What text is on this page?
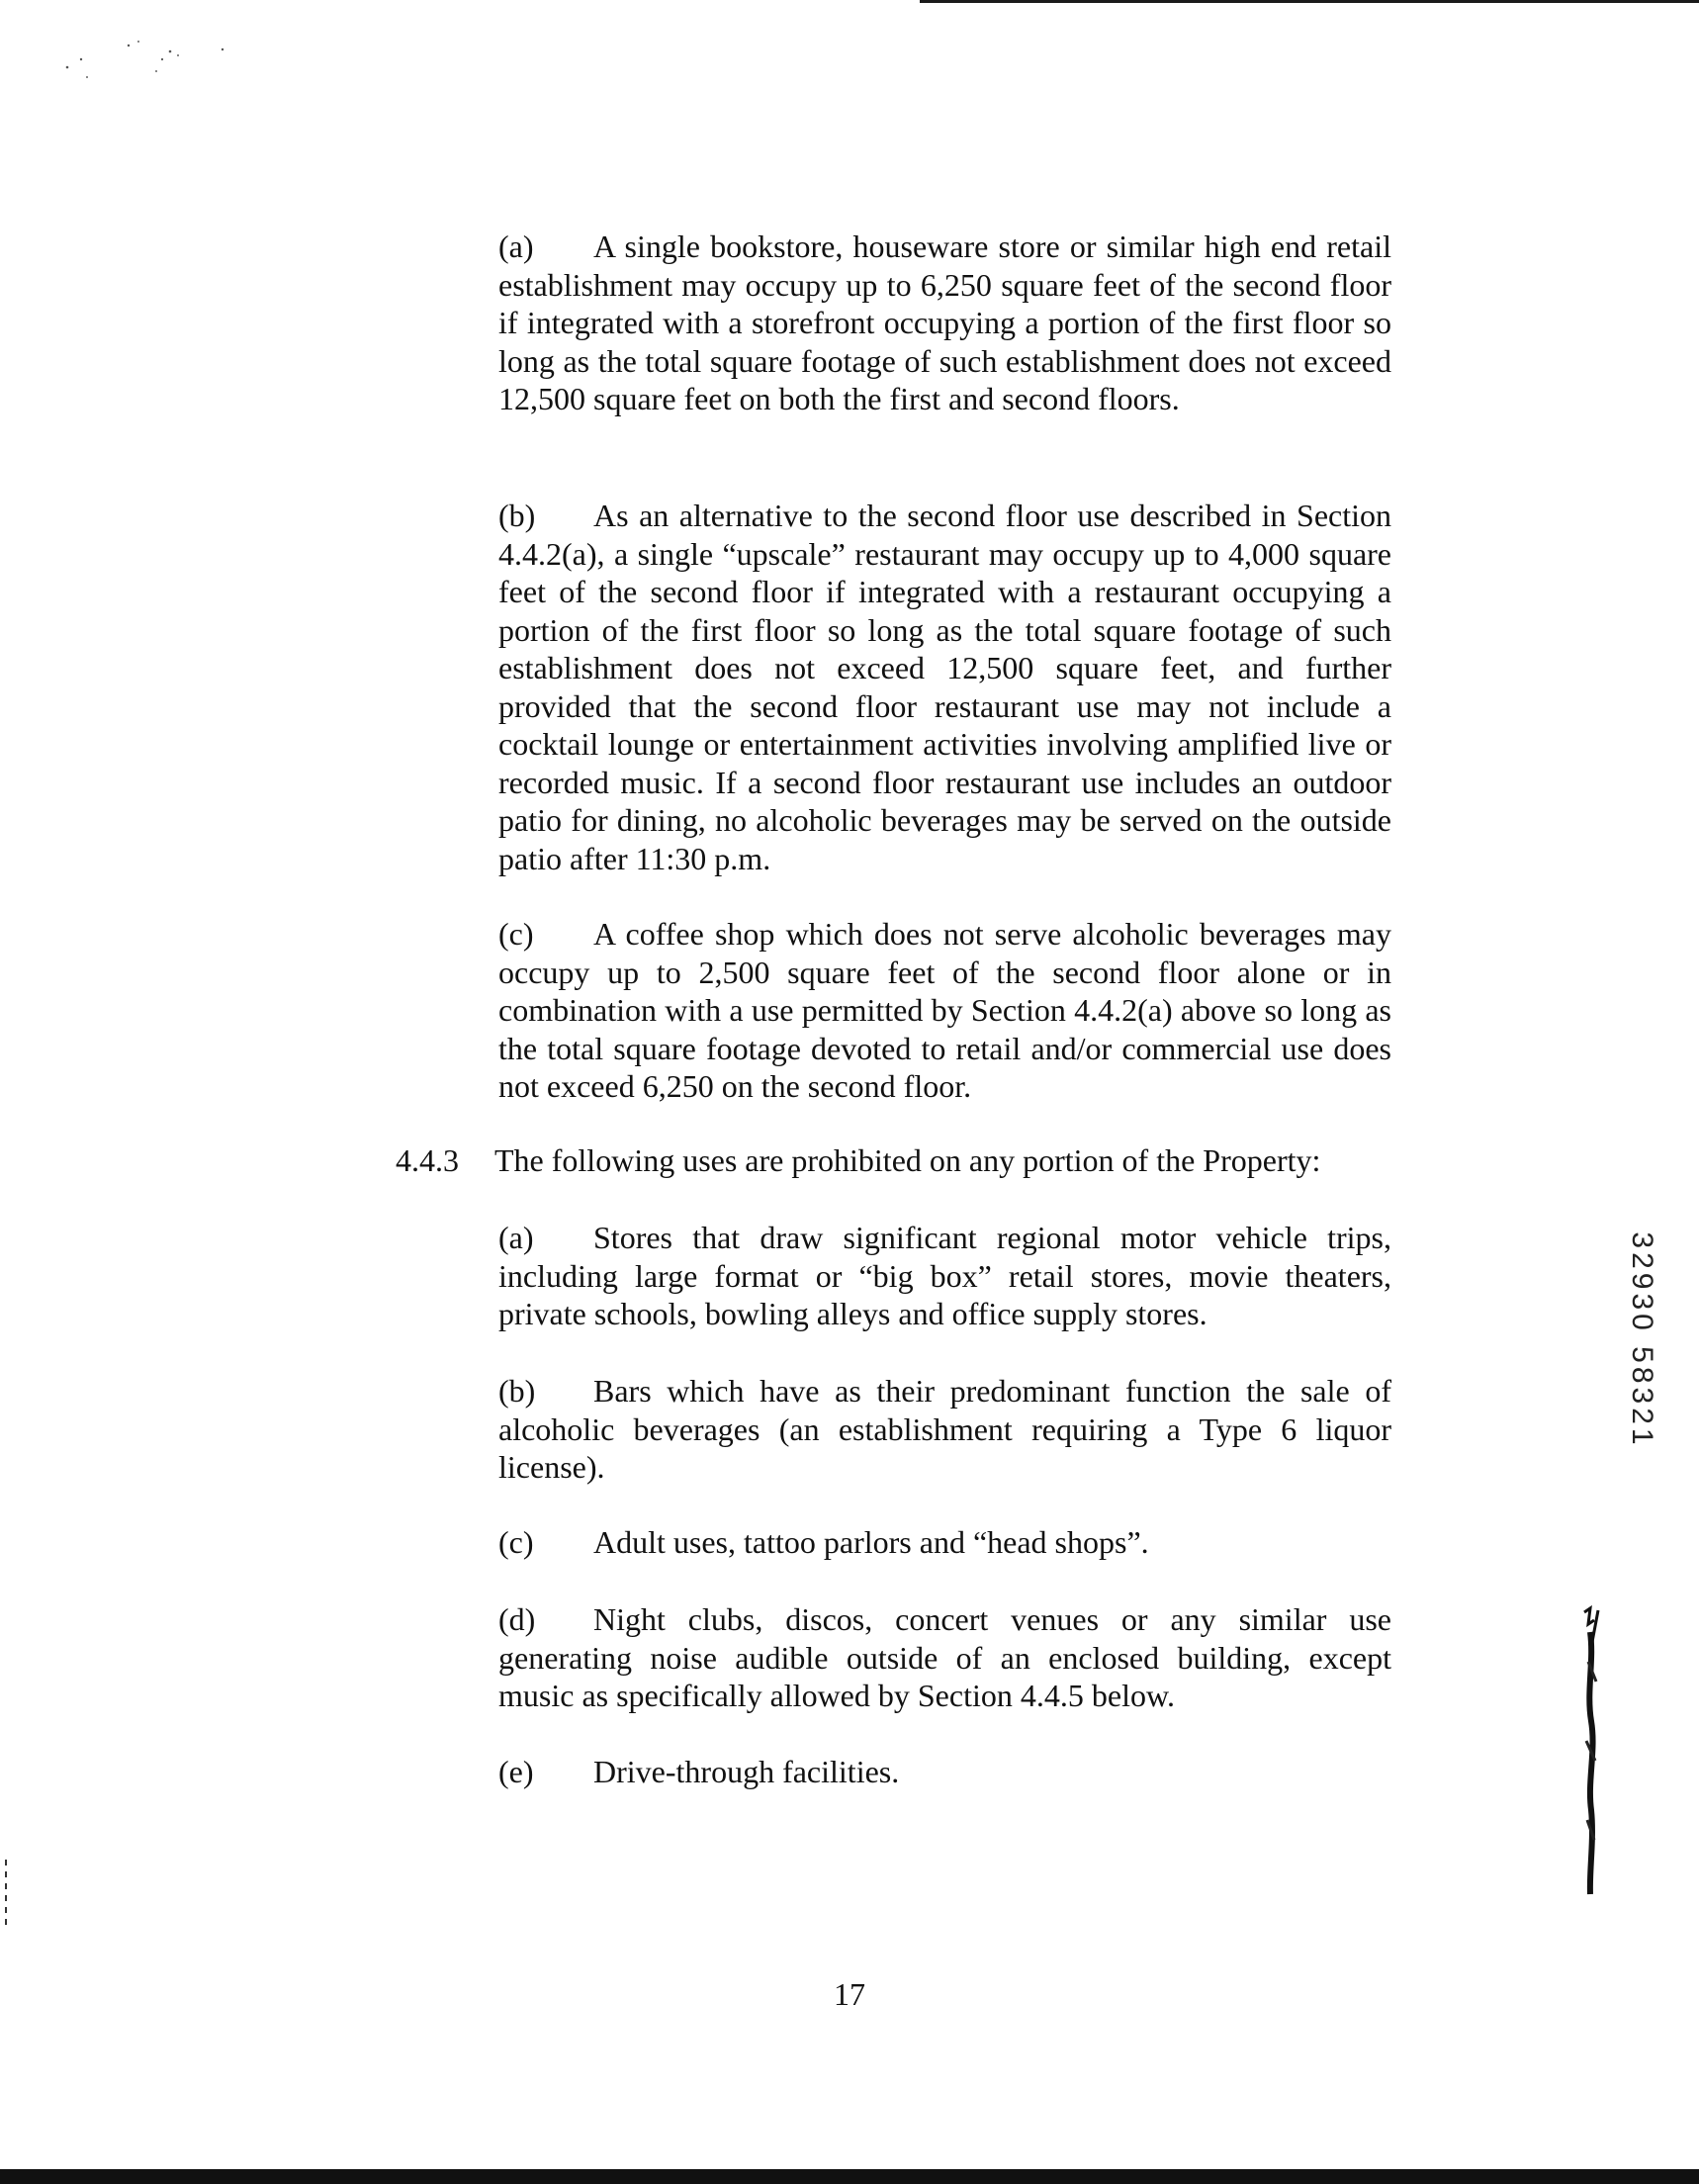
(a) A single bookstore, houseware store or similar high end retail establishment may occupy up to 6,250 square feet of the second floor if integrated with a storefront occupying a portion of the first floor so long as the total square footage of such establishment does not exceed 12,500 square feet on both the first and second floors.

(b) As an alternative to the second floor use described in Section 4.4.2(a), a single “upscale” restaurant may occupy up to 4,000 square feet of the second floor if integrated with a restaurant occupying a portion of the first floor so long as the total square footage of such establishment does not exceed 12,500 square feet, and further provided that the second floor restaurant use may not include a cocktail lounge or entertainment activities involving amplified live or recorded music. If a second floor restaurant use includes an outdoor patio for dining, no alcoholic beverages may be served on the outside patio after 11:30 p.m.

(c) A coffee shop which does not serve alcoholic beverages may occupy up to 2,500 square feet of the second floor alone or in combination with a use permitted by Section 4.4.2(a) above so long as the total square footage devoted to retail and/or commercial use does not exceed 6,250 on the second floor.

4.4.3 The following uses are prohibited on any portion of the Property:

(a) Stores that draw significant regional motor vehicle trips, including large format or “big box” retail stores, movie theaters, private schools, bowling alleys and office supply stores.

(b) Bars which have as their predominant function the sale of alcoholic beverages (an establishment requiring a Type 6 liquor license).

(c) Adult uses, tattoo parlors and “head shops”.

(d) Night clubs, discos, concert venues or any similar use generating noise audible outside of an enclosed building, except music as specifically allowed by Section 4.4.5 below.

(e) Drive-through facilities.

32930 58321
17
